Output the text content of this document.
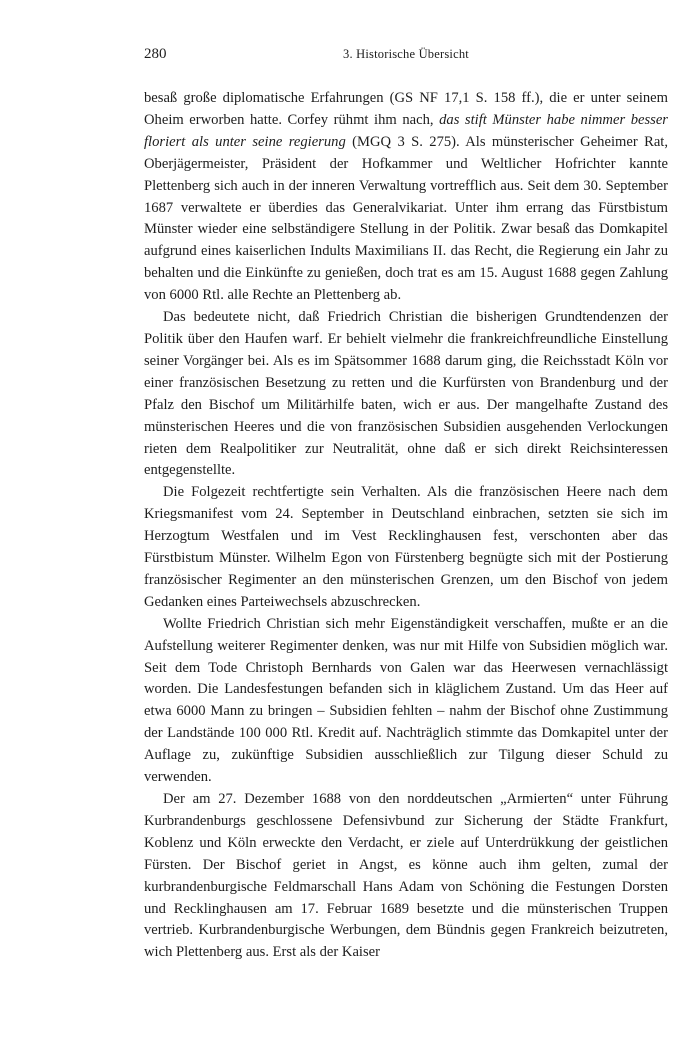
280	3. Historische Übersicht

besaß große diplomatische Erfahrungen (GS NF 17,1 S. 158 ff.), die er unter seinem Oheim erworben hatte. Corfey rühmt ihm nach, das stift Münster habe nimmer besser floriert als unter seine regierung (MGQ 3 S. 275). Als münsterischer Geheimer Rat, Oberjägermeister, Präsident der Hofkammer und Weltlicher Hofrichter kannte Plettenberg sich auch in der inneren Verwaltung vortrefflich aus. Seit dem 30. September 1687 verwaltete er überdies das Generalvikariat. Unter ihm errang das Fürstbistum Münster wieder eine selbständigere Stellung in der Politik. Zwar besaß das Domkapitel aufgrund eines kaiserlichen Indults Maximilians II. das Recht, die Regierung ein Jahr zu behalten und die Einkünfte zu genießen, doch trat es am 15. August 1688 gegen Zahlung von 6000 Rtl. alle Rechte an Plettenberg ab.

Das bedeutete nicht, daß Friedrich Christian die bisherigen Grundtendenzen der Politik über den Haufen warf. Er behielt vielmehr die frankreichfreundliche Einstellung seiner Vorgänger bei. Als es im Spätsommer 1688 darum ging, die Reichsstadt Köln vor einer französischen Besetzung zu retten und die Kurfürsten von Brandenburg und der Pfalz den Bischof um Militärhilfe baten, wich er aus. Der mangelhafte Zustand des münsterischen Heeres und die von französischen Subsidien ausgehenden Verlockungen rieten dem Realpolitiker zur Neutralität, ohne daß er sich direkt Reichsinteressen entgegenstellte.

Die Folgezeit rechtfertigte sein Verhalten. Als die französischen Heere nach dem Kriegsmanifest vom 24. September in Deutschland einbrachen, setzten sie sich im Herzogtum Westfalen und im Vest Recklinghausen fest, verschonten aber das Fürstbistum Münster. Wilhelm Egon von Fürstenberg begnügte sich mit der Postierung französischer Regimenter an den münsterischen Grenzen, um den Bischof von jedem Gedanken eines Parteiwechsels abzuschrecken.

Wollte Friedrich Christian sich mehr Eigenständigkeit verschaffen, mußte er an die Aufstellung weiterer Regimenter denken, was nur mit Hilfe von Subsidien möglich war. Seit dem Tode Christoph Bernhards von Galen war das Heerwesen vernachlässigt worden. Die Landesfestungen befanden sich in kläglichem Zustand. Um das Heer auf etwa 6000 Mann zu bringen – Subsidien fehlten – nahm der Bischof ohne Zustimmung der Landstände 100 000 Rtl. Kredit auf. Nachträglich stimmte das Domkapitel unter der Auflage zu, zukünftige Subsidien ausschließlich zur Tilgung dieser Schuld zu verwenden.

Der am 27. Dezember 1688 von den norddeutschen „Armierten“ unter Führung Kurbrandenburgs geschlossene Defensivbund zur Sicherung der Städte Frankfurt, Koblenz und Köln erweckte den Verdacht, er ziele auf Unterdrükkung der geistlichen Fürsten. Der Bischof geriet in Angst, es könne auch ihm gelten, zumal der kurbrandenburgische Feldmarschall Hans Adam von Schöning die Festungen Dorsten und Recklinghausen am 17. Februar 1689 besetzte und die münsterischen Truppen vertrieb. Kurbrandenburgische Werbungen, dem Bündnis gegen Frankreich beizutreten, wich Plettenberg aus. Erst als der Kaiser
